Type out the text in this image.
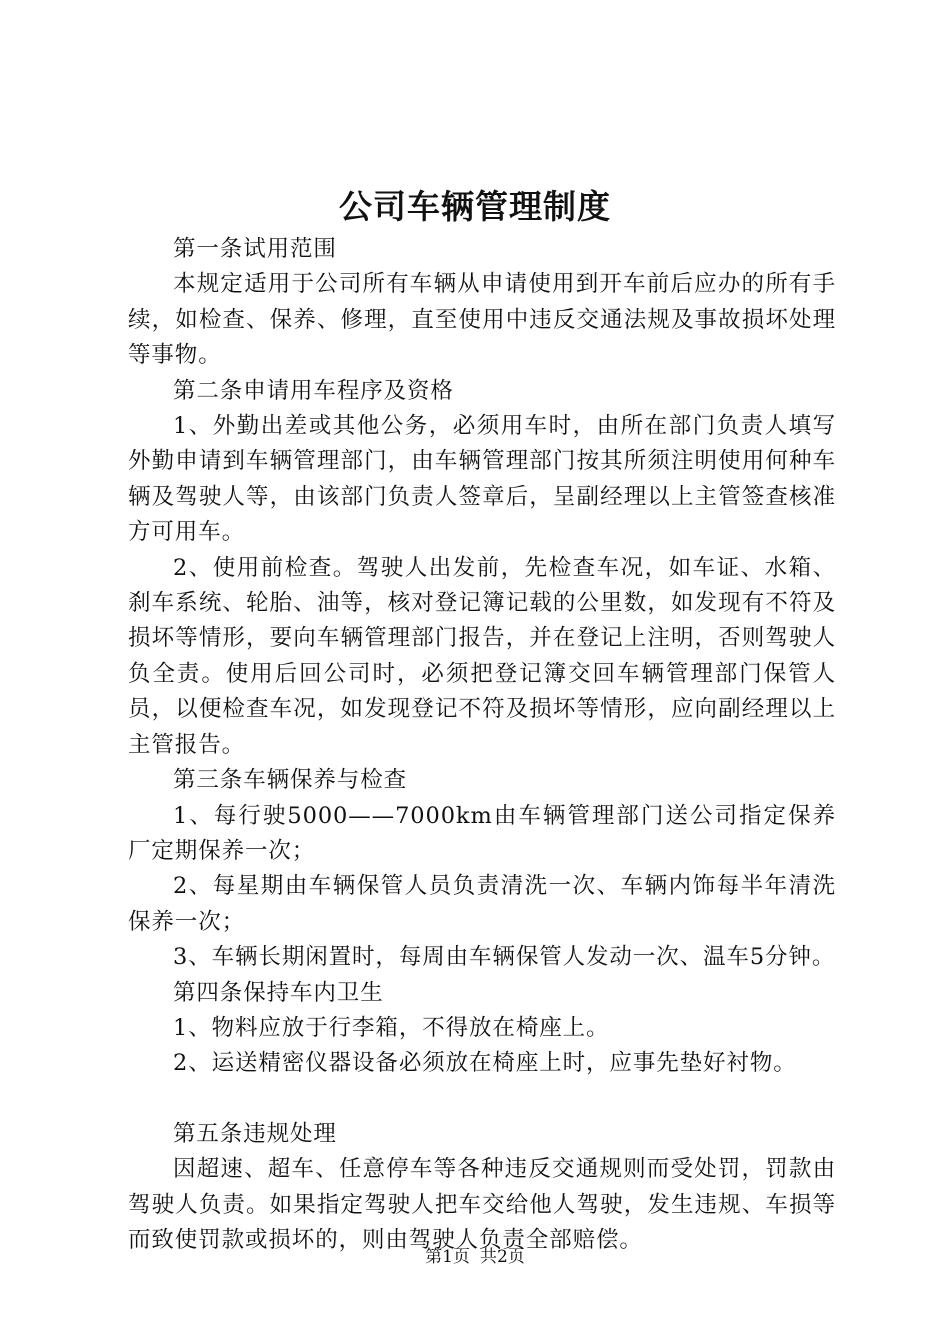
公司车辆管理制度

第一条试用范围

本规定适用于公司所有车辆从申请使用到开车前后应办的所有手续，如检查、保养、修理，直至使用中违反交通法规及事故损坏处理等事物。

第二条申请用车程序及资格

1、外勤出差或其他公务，必须用车时，由所在部门负责人填写外勤申请到车辆管理部门，由车辆管理部门按其所须注明使用何种车辆及驾驶人等，由该部门负责人签章后，呈副经理以上主管签查核准方可用车。

2、使用前检查。驾驶人出发前，先检查车况，如车证、水箱、刹车系统、轮胎、油等，核对登记簿记载的公里数，如发现有不符及损坏等情形，要向车辆管理部门报告，并在登记上注明，否则驾驶人负全责。使用后回公司时，必须把登记簿交回车辆管理部门保管人员，以便检查车况，如发现登记不符及损坏等情形，应向副经理以上主管报告。

第三条车辆保养与检查

1、每行驶5000——7000km由车辆管理部门送公司指定保养厂定期保养一次；

2、每星期由车辆保管人员负责清洗一次、车辆内饰每半年清洗保养一次；

3、车辆长期闲置时，每周由车辆保管人发动一次、温车5分钟。

第四条保持车内卫生

1、物料应放于行李箱，不得放在椅座上。

2、运送精密仪器设备必须放在椅座上时，应事先垫好衬物。

第五条违规处理

因超速、超车、任意停车等各种违反交通规则而受处罚，罚款由驾驶人负责。如果指定驾驶人把车交给他人驾驶，发生违规、车损等而致使罚款或损坏的，则由驾驶人负责全部赔偿。

第1页 共2页
